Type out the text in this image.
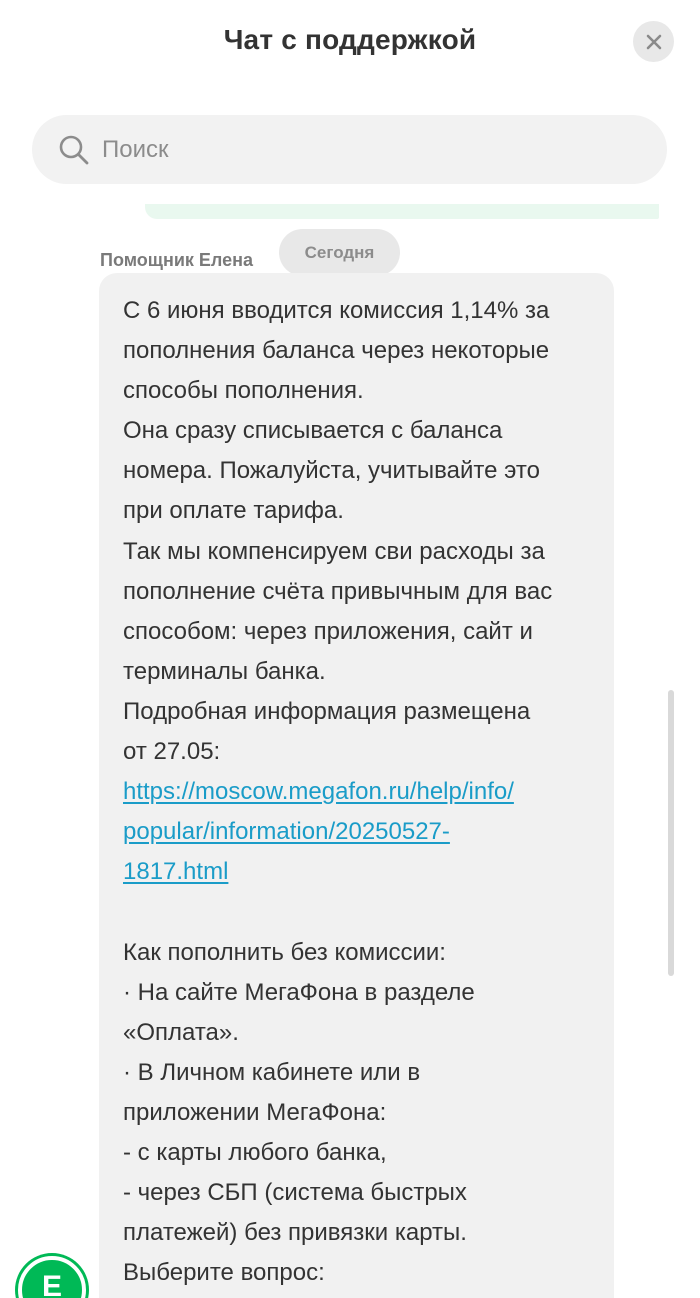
Чат с поддержкой
Поиск
Помощник Елена	Сегодня
С 6 июня вводится комиссия 1,14% за
пополнения баланса через некоторые
способы пополнения.
Она сразу списывается с баланса
номера. Пожалуйста, учитывайте это
при оплате тарифа.
Так мы компенсируем сви расходы за
пополнение счёта привычным для вас
способом: через приложения, сайт и
терминалы банка.
Подробная информация размещена
от 27.05:
https://moscow.megafon.ru/help/info/
popular/information/20250527-
1817.html
Как пополнить без комиссии:
· На сайте МегаФона в разделе
«Оплата».
· В Личном кабинете или в
приложении МегаФона:
- с карты любого банка,
- через СБП (система быстрых
платежей) без привязки карты.
Выберите вопрос:
Е
